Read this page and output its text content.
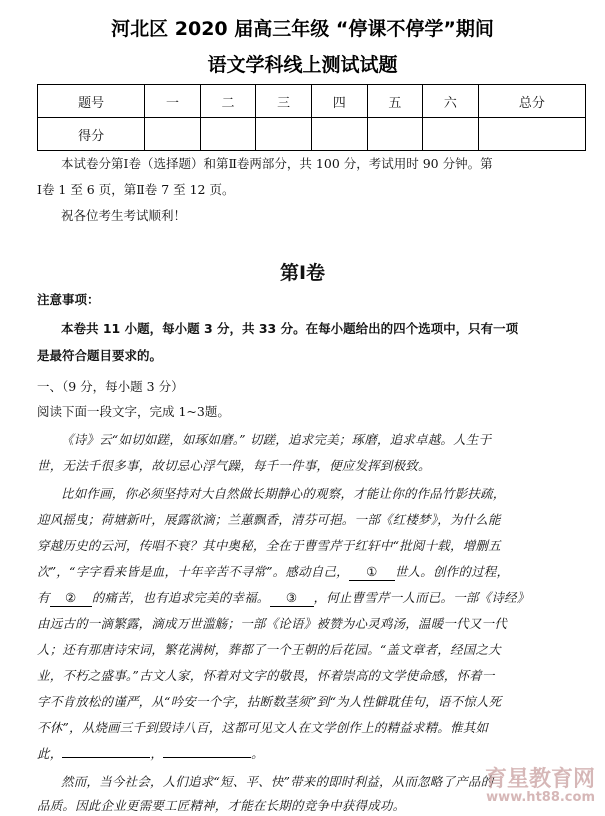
河北区 2020 届高三年级 “停课不停学”期间
语文学科线上测试试题
题号	一	二	三	四	五	六	总分
得分							
本试卷分第Ⅰ卷（选择题）和第Ⅱ卷两部分，共 100 分，考试用时 90 分钟。第
Ⅰ卷 1 至 6 页，第Ⅱ卷 7 至 12 页。
祝各位考生考试顺利！
第Ⅰ卷
注意事项：
本卷共 11 小题，每小题 3 分，共 33 分。在每小题给出的四个选项中，只有一项
是最符合题目要求的。
一、（9 分，每小题 3 分）
阅读下面一段文字，完成 1~3题。
《诗》云“如切如蹉，如琢如磨。” 切蹉，追求完美；琢磨，追求卓越。人生于
世，无法千很多事，故切忌心浮气躁，每千一件事，便应发挥到极致。
比如作画，你必须坚持对大自然做长期静心的观察，才能让你的作品竹影扶疏，
迎风摇曳；荷塘新叶，展露欲滴；兰蕙飘香，清芬可挹。一部《红楼梦》，为什么能
穿越历史的云河，传唱不衰？其中奥秘，全在于曹雪芹于红轩中“批阅十载，增删五
次”，“字字看来皆是血，十年辛苦不寻常”。感动自己， ① 世人。创作的过程，
有 ② 的痛苦，也有追求完美的幸福。 ③ ，何止曹雪芹一人而已。一部《诗经》
由远古的一滴繁露，滴成万世滥觞；一部《论语》被赞为心灵鸡汤，温暖一代又一代
人；还有那唐诗宋词，繁花满树，葬都了一个王朝的后花园。“盖文章者，经国之大
业，不朽之盛事。”古文人家，怀着对文字的敬畏，怀着崇高的文学使命感，怀着一
字不肯放松的谨严，从“吟安一个字，拈断数茎须”到“为人性僻耽佳句，语不惊人死
不休”，从烧画三千到毁诗八百，这都可见文人在文学创作上的精益求精。惟其如
此，	，	。
然而，当今社会，人们追求“短、平、快”带来的即时利益，从而忽略了产品的
品质。因此企业更需要工匠精神，才能在长期的竞争中获得成功。
育星教育网
www.ht88.com
